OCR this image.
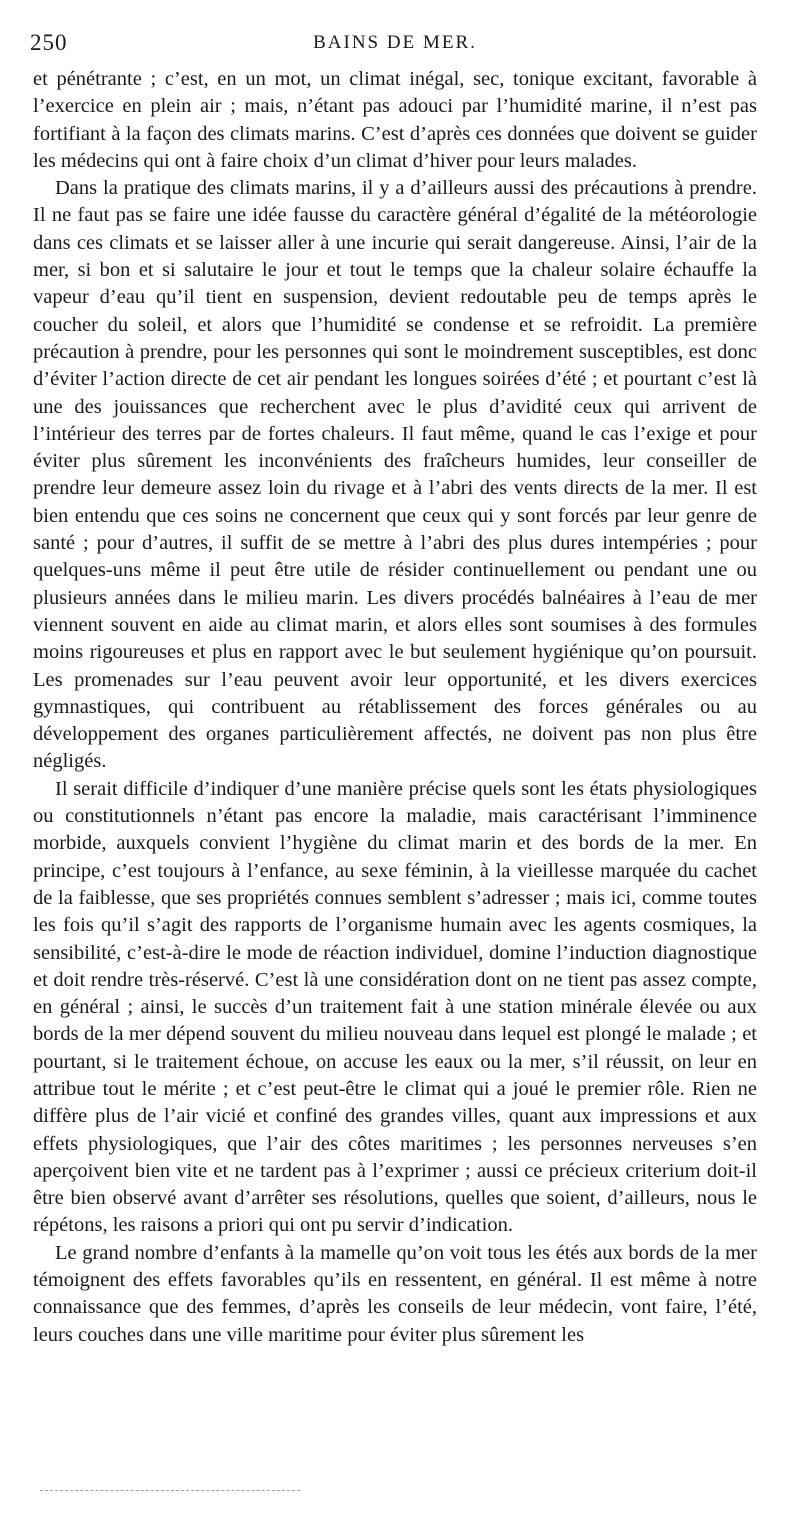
250	BAINS DE MER.

et pénétrante ; c’est, en un mot, un climat inégal, sec, tonique excitant, favorable à l’exercice en plein air ; mais, n’étant pas adouci par l’humidité marine, il n’est pas fortifiant à la façon des climats marins. C’est d’après ces données que doivent se guider les médecins qui ont à faire choix d’un climat d’hiver pour leurs malades.

Dans la pratique des climats marins, il y a d’ailleurs aussi des précautions à prendre. Il ne faut pas se faire une idée fausse du caractère général d’égalité de la météorologie dans ces climats et se laisser aller à une incurie qui serait dangereuse. Ainsi, l’air de la mer, si bon et si salutaire le jour et tout le temps que la chaleur solaire échauffe la vapeur d’eau qu’il tient en suspension, devient redoutable peu de temps après le coucher du soleil, et alors que l’humidité se condense et se refroidit. La première précaution à prendre, pour les personnes qui sont le moindrement susceptibles, est donc d’éviter l’action directe de cet air pendant les longues soirées d’été ; et pourtant c’est là une des jouissances que recherchent avec le plus d’avidité ceux qui arrivent de l’intérieur des terres par de fortes chaleurs. Il faut même, quand le cas l’exige et pour éviter plus sûrement les inconvénients des fraîcheurs humides, leur conseiller de prendre leur demeure assez loin du rivage et à l’abri des vents directs de la mer. Il est bien entendu que ces soins ne concernent que ceux qui y sont forcés par leur genre de santé ; pour d’autres, il suffit de se mettre à l’abri des plus dures intempéries ; pour quelques-uns même il peut être utile de résider continuellement ou pendant une ou plusieurs années dans le milieu marin. Les divers procédés balnéaires à l’eau de mer viennent souvent en aide au climat marin, et alors elles sont soumises à des formules moins rigoureuses et plus en rapport avec le but seulement hygiénique qu’on poursuit. Les promenades sur l’eau peuvent avoir leur opportunité, et les divers exercices gymnastiques, qui contribuent au rétablissement des forces générales ou au développement des organes particulièrement affectés, ne doivent pas non plus être négligés.

Il serait difficile d’indiquer d’une manière précise quels sont les états physiologiques ou constitutionnels n’étant pas encore la maladie, mais caractérisant l’imminence morbide, auxquels convient l’hygiène du climat marin et des bords de la mer. En principe, c’est toujours à l’enfance, au sexe féminin, à la vieillesse marquée du cachet de la faiblesse, que ses propriétés connues semblent s’adresser ; mais ici, comme toutes les fois qu’il s’agit des rapports de l’organisme humain avec les agents cosmiques, la sensibilité, c’est-à-dire le mode de réaction individuel, domine l’induction diagnostique et doit rendre très-réservé. C’est là une considération dont on ne tient pas assez compte, en général ; ainsi, le succès d’un traitement fait à une station minérale élevée ou aux bords de la mer dépend souvent du milieu nouveau dans lequel est plongé le malade ; et pourtant, si le traitement échoue, on accuse les eaux ou la mer, s’il réussit, on leur en attribue tout le mérite ; et c’est peut-être le climat qui a joué le premier rôle. Rien ne diffère plus de l’air vicié et confiné des grandes villes, quant aux impressions et aux effets physiologiques, que l’air des côtes maritimes ; les personnes nerveuses s’en aperçoivent bien vite et ne tardent pas à l’exprimer ; aussi ce précieux criterium doit-il être bien observé avant d’arrêter ses résolutions, quelles que soient, d’ailleurs, nous le répétons, les raisons a priori qui ont pu servir d’indication.

Le grand nombre d’enfants à la mamelle qu’on voit tous les étés aux bords de la mer témoignent des effets favorables qu’ils en ressentent, en général. Il est même à notre connaissance que des femmes, d’après les conseils de leur médecin, vont faire, l’été, leurs couches dans une ville maritime pour éviter plus sûrement les
